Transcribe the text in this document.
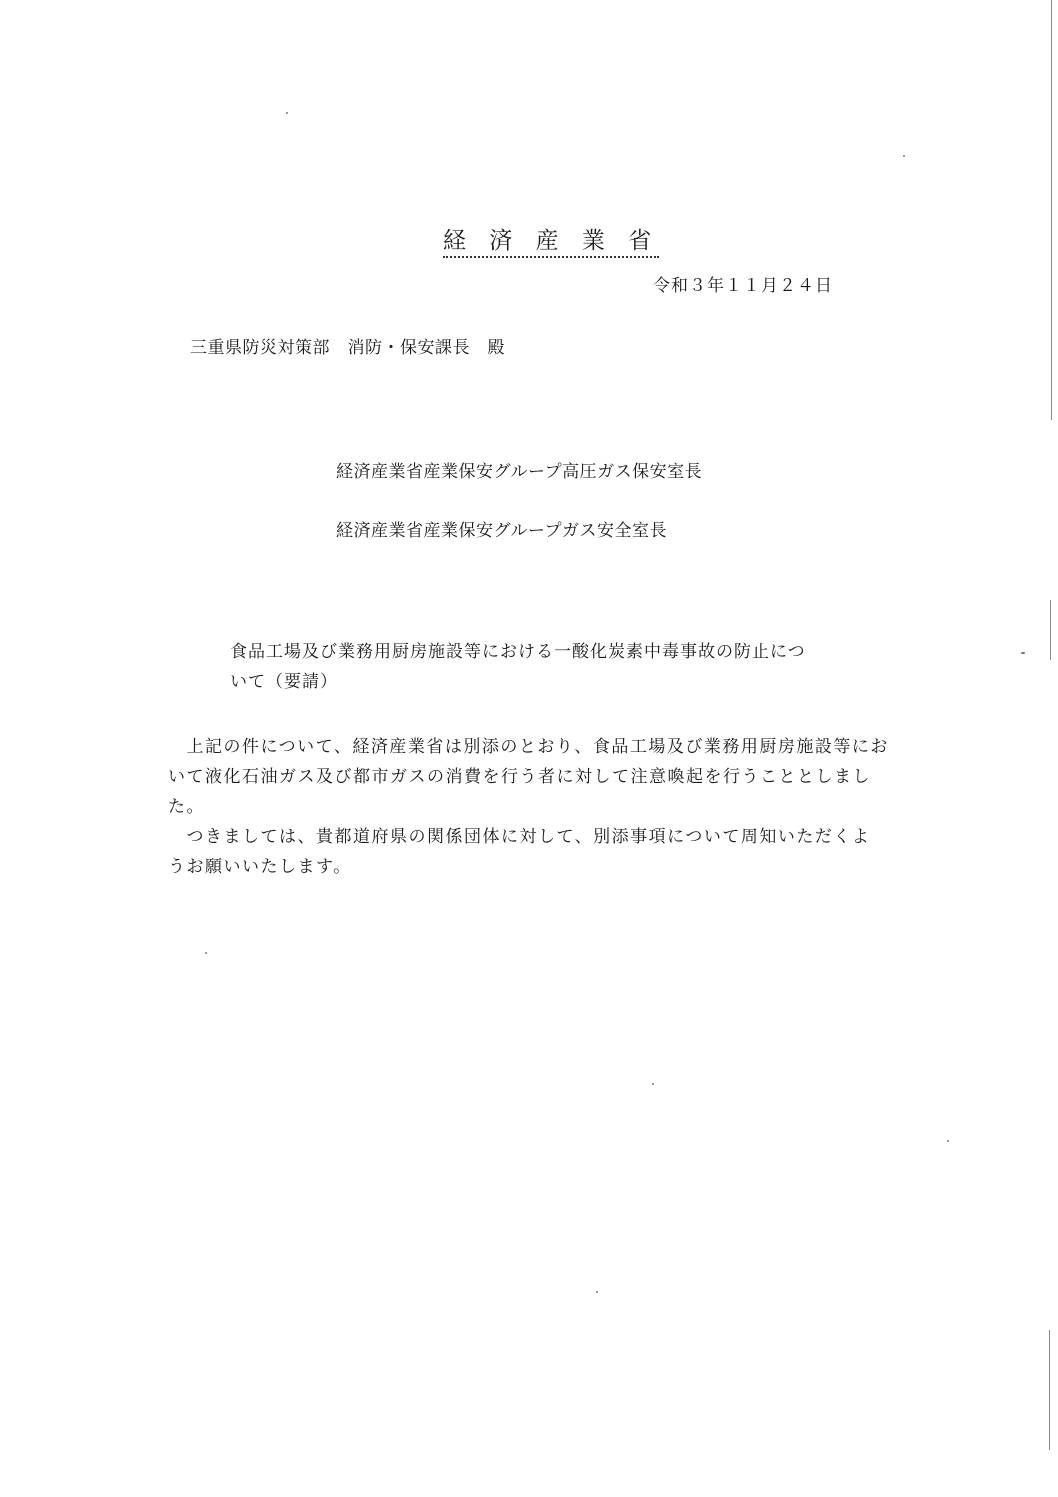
経 済 産 業 省
令和３年１１月２４日
三重県防災対策部　消防・保安課長　殿
経済産業省産業保安グループ高圧ガス保安室長
経済産業省産業保安グループガス安全室長
食品工場及び業務用厨房施設等における一酸化炭素中毒事故の防止につ
いて（要請）
　上記の件について、経済産業省は別添のとおり、食品工場及び業務用厨房施設等にお
いて液化石油ガス及び都市ガスの消費を行う者に対して注意喚起を行うこととしまし
た。
　つきましては、貴都道府県の関係団体に対して、別添事項について周知いただくよ
うお願いいたします。
